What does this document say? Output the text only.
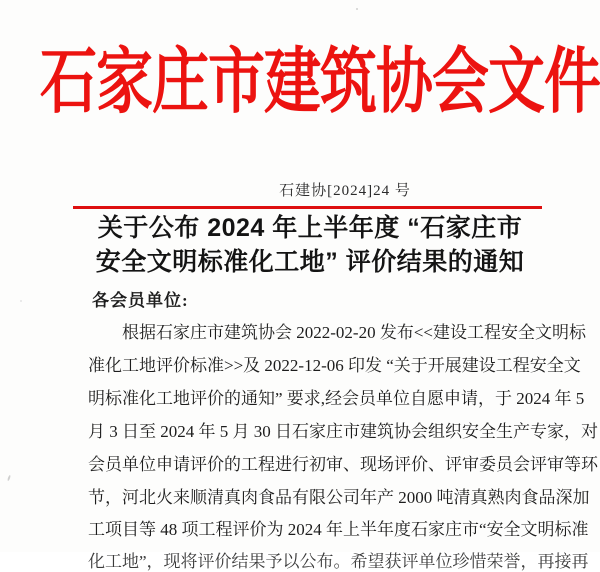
石家庄市建筑协会文件
石建协[2024]24 号
关于公布 2024 年上半年度 “石家庄市
安全文明标准化工地” 评价结果的通知
各会员单位:
根据石家庄市建筑协会 2022-02-20 发布<<建设工程安全文明标
准化工地评价标准>>及 2022-12-06 印发 “关于开展建设工程安全文
明标准化工地评价的通知” 要求,经会员单位自愿申请，于 2024 年 5
月 3 日至 2024 年 5 月 30 日石家庄市建筑协会组织安全生产专家，对
会员单位申请评价的工程进行初审、现场评价、评审委员会评审等环
节，河北火来顺清真肉食品有限公司年产 2000 吨清真熟肉食品深加
工项目等 48 项工程评价为 2024 年上半年度石家庄市“安全文明标准
化工地”，现将评价结果予以公布。希望获评单位珍惜荣誉，再接再
